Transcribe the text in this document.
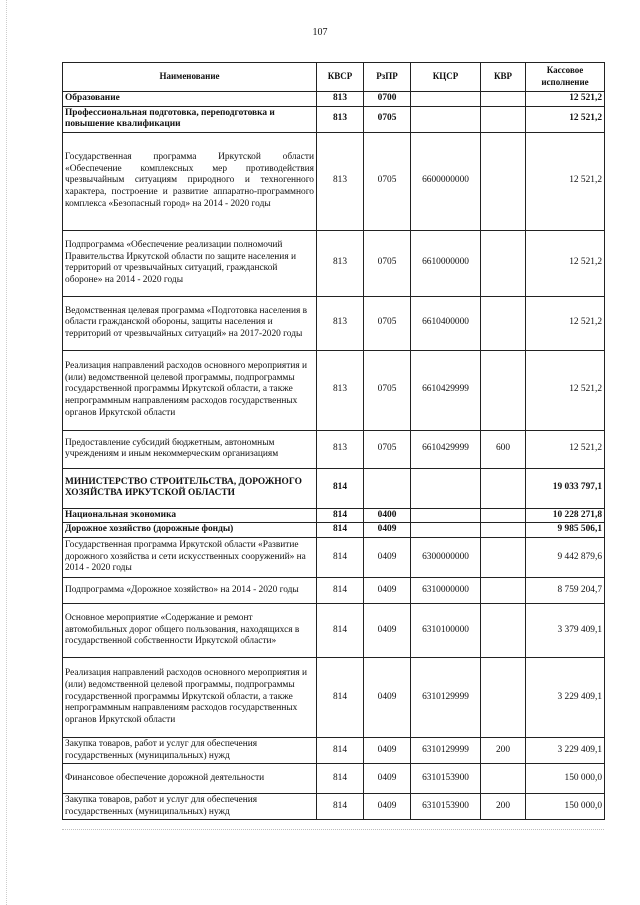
107
Наименование	КВСР	РзПР	КЦСР	КВР	Кассовое исполнение
Образование	813	0700			12 521,2
Профессиональная подготовка, переподготовка и повышение квалификации	813	0705			12 521,2
Государственная программа Иркутской области «Обеспечение комплексных мер противодействия чрезвычайным ситуациям природного и техногенного характера, построение и развитие аппаратно-программного комплекса «Безопасный город» на 2014 - 2020 годы	813	0705	6600000000		12 521,2
Подпрограмма «Обеспечение реализации полномочий Правительства Иркутской области по защите населения и территорий от чрезвычайных ситуаций, гражданской обороне» на 2014 - 2020 годы	813	0705	6610000000		12 521,2
Ведомственная целевая программа «Подготовка населения в области гражданской обороны, защиты населения и территорий от чрезвычайных ситуаций» на 2017-2020 годы	813	0705	6610400000		12 521,2
Реализация направлений расходов основного мероприятия и (или) ведомственной целевой программы, подпрограммы государственной программы Иркутской области, а также непрограммным направлениям расходов государственных органов Иркутской области	813	0705	6610429999		12 521,2
Предоставление субсидий бюджетным, автономным учреждениям и иным некоммерческим организациям	813	0705	6610429999	600	12 521,2
МИНИСТЕРСТВО СТРОИТЕЛЬСТВА, ДОРОЖНОГО ХОЗЯЙСТВА ИРКУТСКОЙ ОБЛАСТИ	814				19 033 797,1
Национальная экономика	814	0400			10 228 271,8
Дорожное хозяйство (дорожные фонды)	814	0409			9 985 506,1
Государственная программа Иркутской области «Развитие дорожного хозяйства и сети искусственных сооружений» на 2014 - 2020 годы	814	0409	6300000000		9 442 879,6
Подпрограмма «Дорожное хозяйство» на 2014 - 2020 годы	814	0409	6310000000		8 759 204,7
Основное мероприятие «Содержание и ремонт автомобильных дорог общего пользования, находящихся в государственной собственности Иркутской области»	814	0409	6310100000		3 379 409,1
Реализация направлений расходов основного мероприятия и (или) ведомственной целевой программы, подпрограммы государственной программы Иркутской области, а также непрограммным направлениям расходов государственных органов Иркутской области	814	0409	6310129999		3 229 409,1
Закупка товаров, работ и услуг для обеспечения государственных (муниципальных) нужд	814	0409	6310129999	200	3 229 409,1
Финансовое обеспечение дорожной деятельности	814	0409	6310153900		150 000,0
Закупка товаров, работ и услуг для обеспечения государственных (муниципальных) нужд	814	0409	6310153900	200	150 000,0
